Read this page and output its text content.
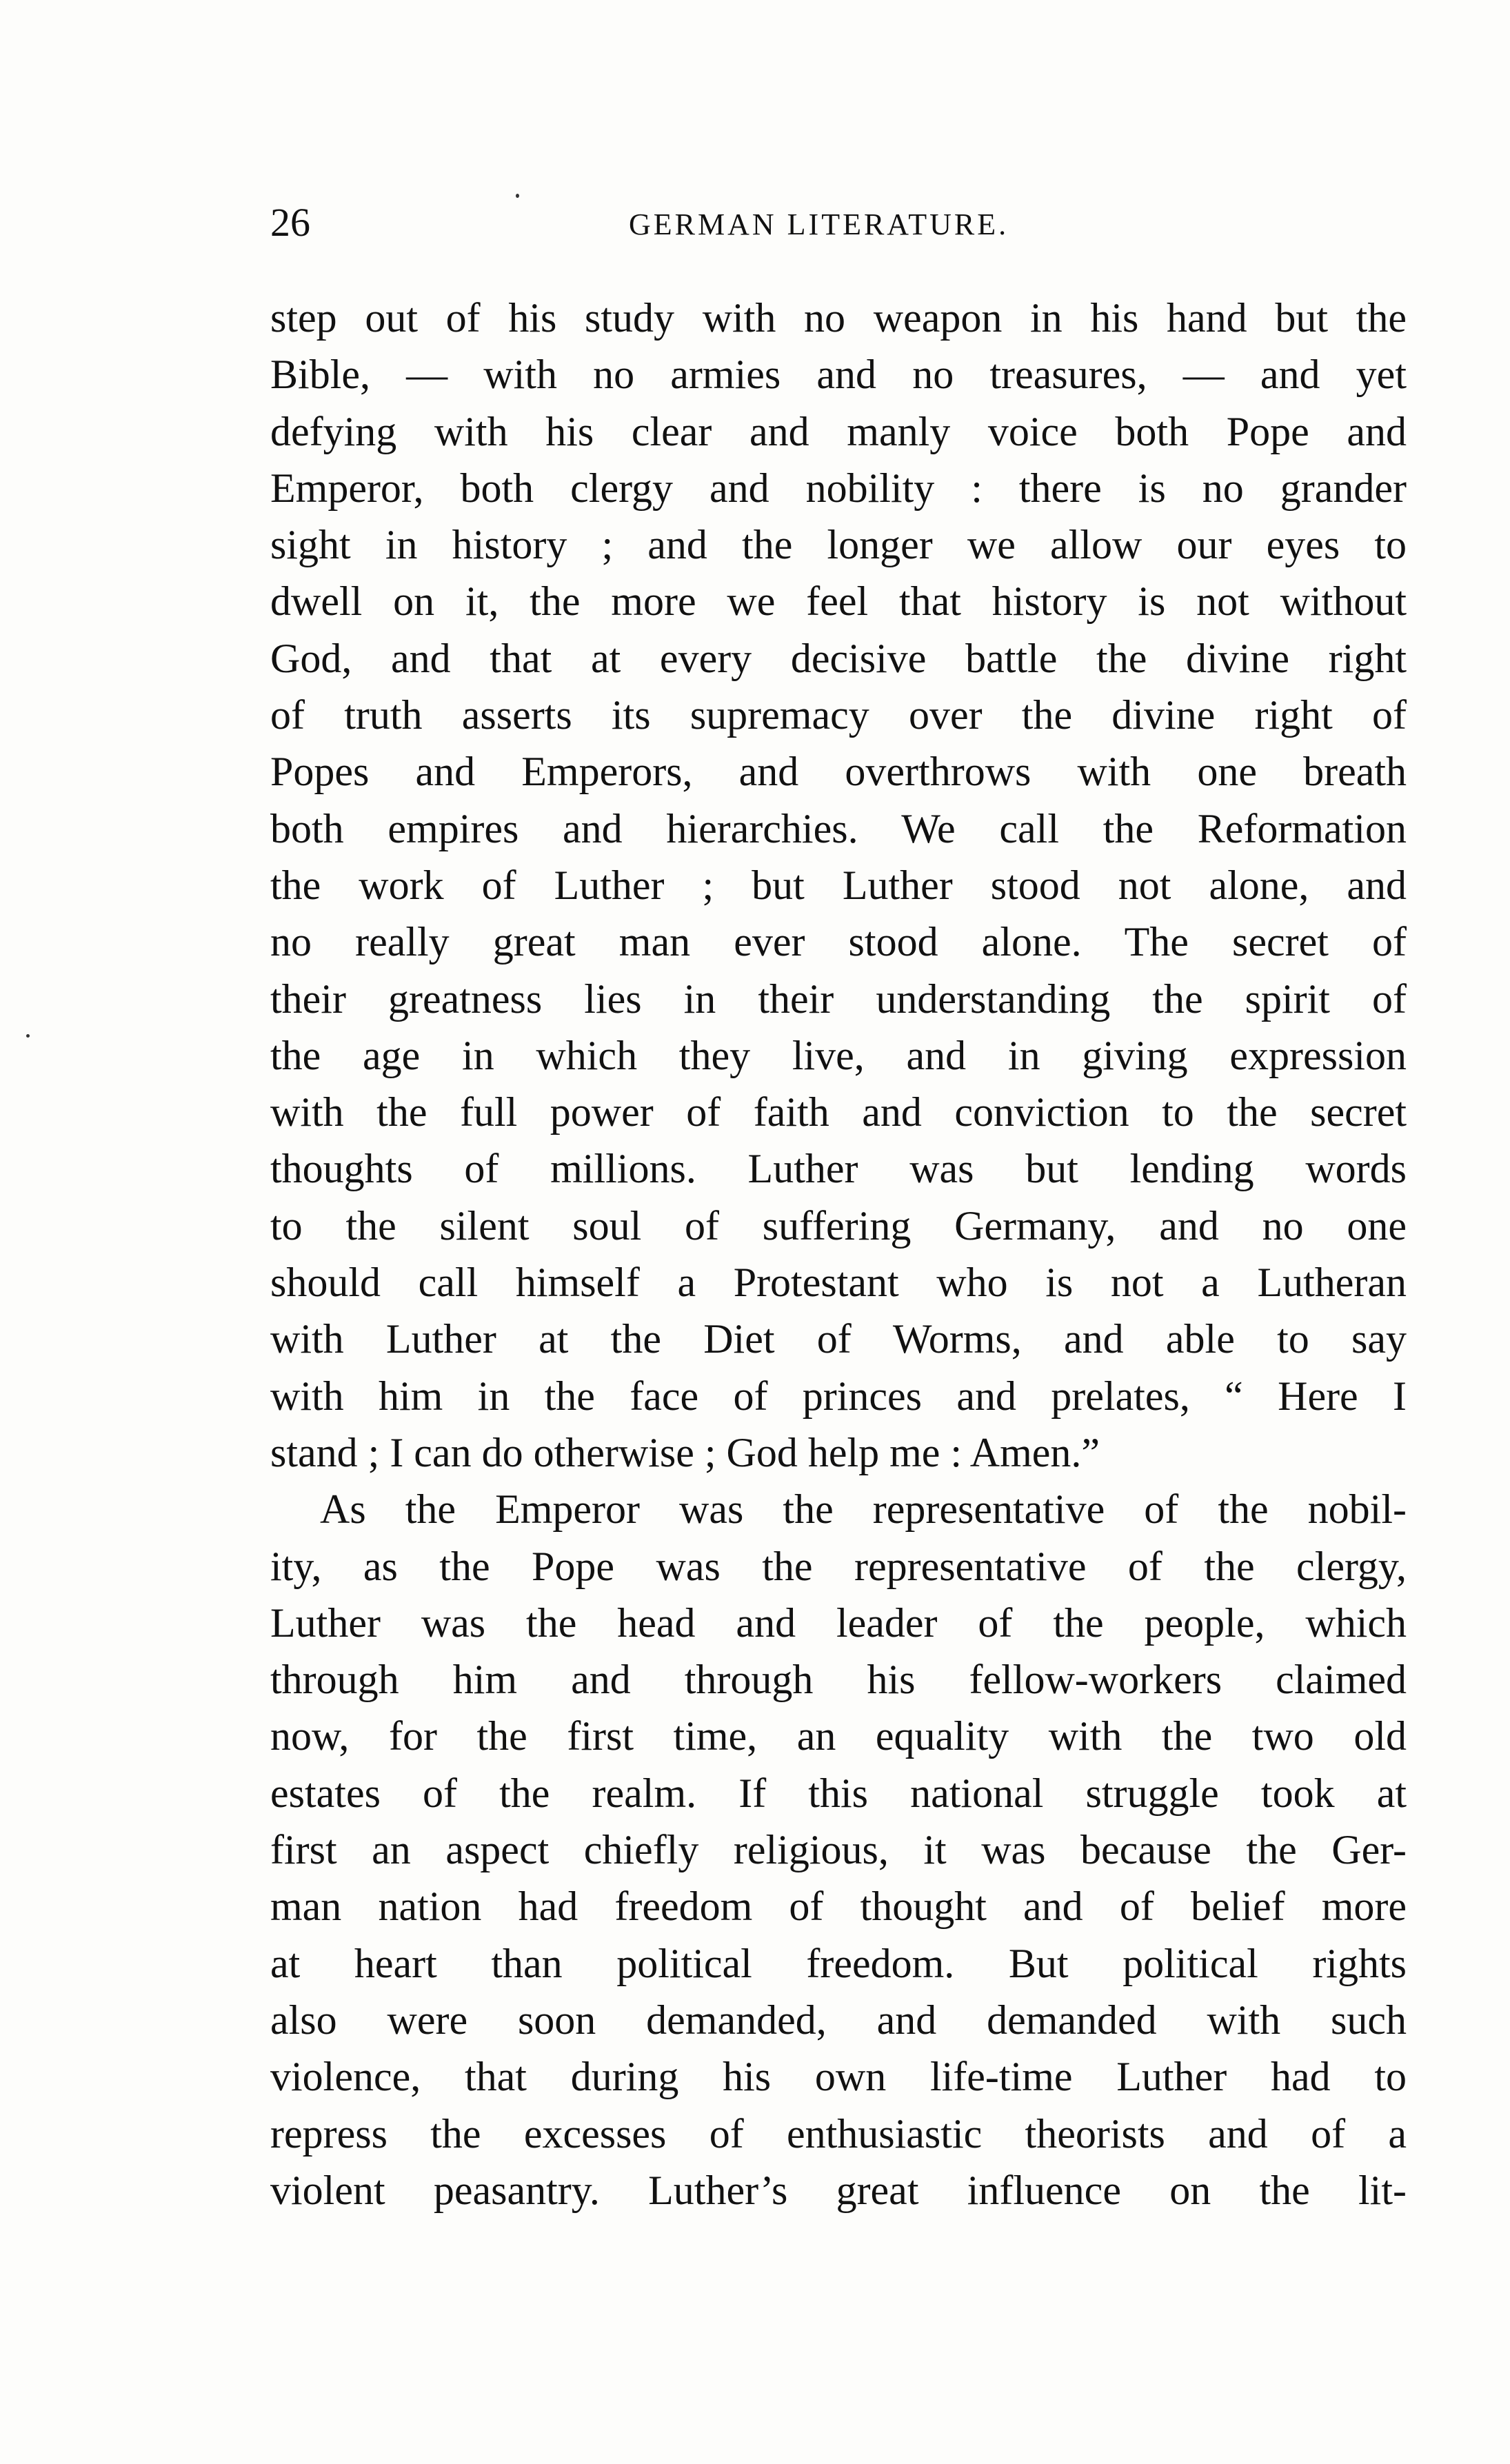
26	GERMAN LITERATURE.
step out of his study with no weapon in his hand but the
Bible, — with no armies and no treasures, — and yet
defying with his clear and manly voice both Pope and
Emperor, both clergy and nobility : there is no grander
sight in history ; and the longer we allow our eyes to
dwell on it, the more we feel that history is not without
God, and that at every decisive battle the divine right
of truth asserts its supremacy over the divine right of
Popes and Emperors, and overthrows with one breath
both empires and hierarchies. We call the Reformation
the work of Luther ; but Luther stood not alone, and
no really great man ever stood alone. The secret of
their greatness lies in their understanding the spirit of
the age in which they live, and in giving expression
with the full power of faith and conviction to the secret
thoughts of millions. Luther was but lending words
to the silent soul of suffering Germany, and no one
should call himself a Protestant who is not a Lutheran
with Luther at the Diet of Worms, and able to say
with him in the face of princes and prelates, “ Here I
stand ; I can do otherwise ; God help me : Amen.”
As the Emperor was the representative of the nobil-
ity, as the Pope was the representative of the clergy,
Luther was the head and leader of the people, which
through him and through his fellow-workers claimed
now, for the first time, an equality with the two old
estates of the realm. If this national struggle took at
first an aspect chiefly religious, it was because the Ger-
man nation had freedom of thought and of belief more
at heart than political freedom. But political rights
also were soon demanded, and demanded with such
violence, that during his own life-time Luther had to
repress the excesses of enthusiastic theorists and of a
violent peasantry. Luther’s great influence on the lit-
